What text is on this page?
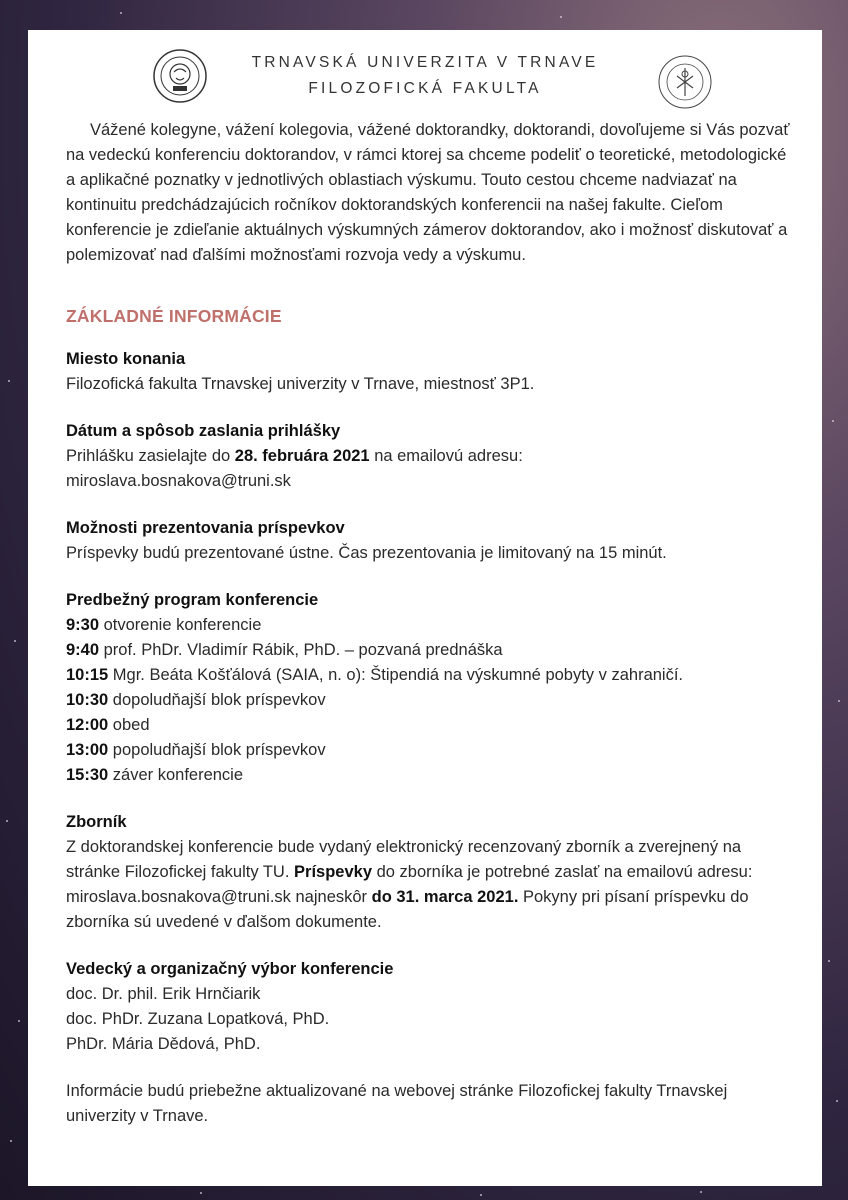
TRNAVSKÁ UNIVERZITA V TRNAVE
FILOZOFICKÁ FAKULTA

Vážené kolegyne, vážení kolegovia, vážené doktorandky, doktorandi, dovoľujeme si Vás pozvať na vedeckú konferenciu doktorandov, v rámci ktorej sa chceme podeliť o teoretické, metodologické a aplikačné poznatky v jednotlivých oblastiach výskumu. Touto cestou chceme nadviazať na kontinuitu predchádzajúcich ročníkov doktorandských konferencii na našej fakulte. Cieľom konferencie je zdieľanie aktuálnych výskumných zámerov doktorandov, ako i možnosť diskutovať a polemizovať nad ďalšími možnosťami rozvoja vedy a výskumu.

ZÁKLADNÉ INFORMÁCIE
Miesto konania
Filozofická fakulta Trnavskej univerzity v Trnave, miestnosť 3P1.
Dátum a spôsob zaslania prihlášky
Prihlášku zasielajte do 28. februára 2021 na emailovú adresu:
miroslava.bosnakova@truni.sk
Možnosti prezentovania príspevkov
Príspevky budú prezentované ústne. Čas prezentovania je limitovaný na 15 minút.
Predbežný program konferencie
9:30 otvorenie konferencie
9:40 prof. PhDr. Vladimír Rábik, PhD. – pozvaná prednáška
10:15 Mgr. Beáta Košťálová (SAIA, n. o): Štipendiá na výskumné pobyty v zahraničí.
10:30 dopoludňajší blok príspevkov
12:00 obed
13:00 popoludňajší blok príspevkov
15:30 záver konferencie
Zborník
Z doktorandskej konferencie bude vydaný elektronický recenzovaný zborník a zverejnený na stránke Filozofickej fakulty TU. Príspevky do zborníka je potrebné zaslať na emailovú adresu: miroslava.bosnakova@truni.sk najneskôr do 31. marca 2021. Pokyny pri písaní príspevku do zborníka sú uvedené v ďalšom dokumente.
Vedecký a organizačný výbor konferencie
doc. Dr. phil. Erik Hrnčiarik
doc. PhDr. Zuzana Lopatková, PhD.
PhDr. Mária Dědová, PhD.
Informácie budú priebežne aktualizované na webovej stránke Filozofickej fakulty Trnavskej univerzity v Trnave.
